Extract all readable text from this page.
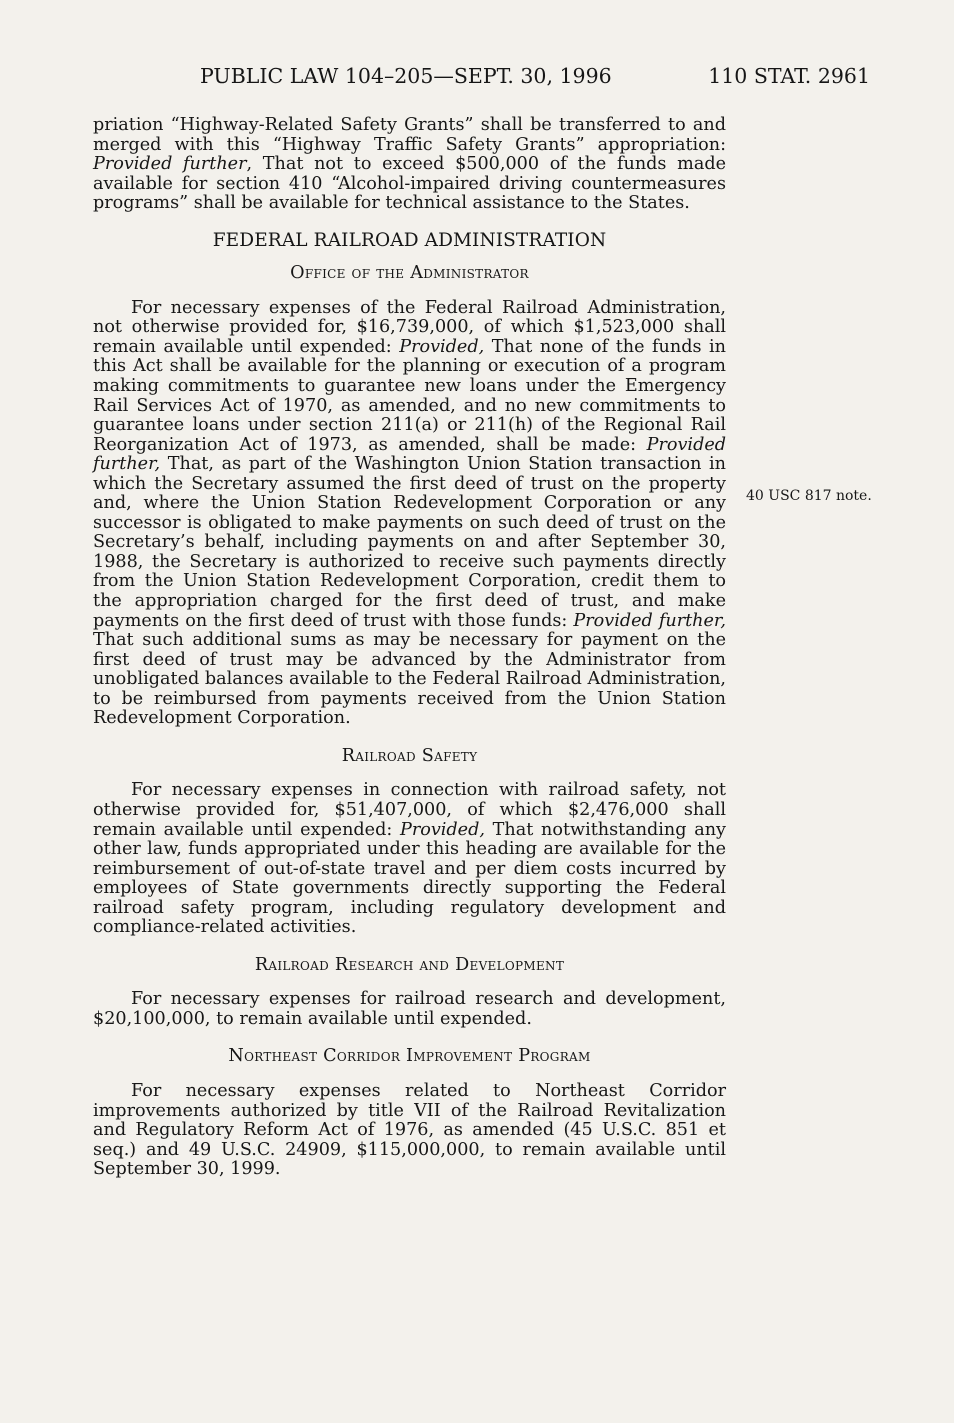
PUBLIC LAW 104–205—SEPT. 30, 1996	110 STAT. 2961

priation “Highway-Related Safety Grants” shall be transferred to and merged with this “Highway Traffic Safety Grants” appropriation: Provided further, That not to exceed $500,000 of the funds made available for section 410 “Alcohol-impaired driving countermeasures programs” shall be available for technical assistance to the States.

FEDERAL RAILROAD ADMINISTRATION
Office of the Administrator

For necessary expenses of the Federal Railroad Administration, not otherwise provided for, $16,739,000, of which $1,523,000 shall remain available until expended: Provided, That none of the funds in this Act shall be available for the planning or execution of a program making commitments to guarantee new loans under the Emergency Rail Services Act of 1970, as amended, and no new commitments to guarantee loans under section 211(a) or 211(h) of the Regional Rail Reorganization Act of 1973, as amended, shall be made: Provided further, That, as part of the Washington Union Station transaction in which the Secretary assumed the first deed of trust on the property and, where the Union Station Redevelopment Corporation or any successor is obligated to make payments on such deed of trust on the Secretary’s behalf, including payments on and after September 30, 1988, the Secretary is authorized to receive such payments directly from the Union Station Redevelopment Corporation, credit them to the appropriation charged for the first deed of trust, and make payments on the first deed of trust with those funds: Provided further, That such additional sums as may be necessary for payment on the first deed of trust may be advanced by the Administrator from unobligated balances available to the Federal Railroad Administration, to be reimbursed from payments received from the Union Station Redevelopment Corporation.

Railroad Safety

For necessary expenses in connection with railroad safety, not otherwise provided for, $51,407,000, of which $2,476,000 shall remain available until expended: Provided, That notwithstanding any other law, funds appropriated under this heading are available for the reimbursement of out-of-state travel and per diem costs incurred by employees of State governments directly supporting the Federal railroad safety program, including regulatory development and compliance-related activities.

Railroad Research and Development

For necessary expenses for railroad research and development, $20,100,000, to remain available until expended.

Northeast Corridor Improvement Program

For necessary expenses related to Northeast Corridor improvements authorized by title VII of the Railroad Revitalization and Regulatory Reform Act of 1976, as amended (45 U.S.C. 851 et seq.) and 49 U.S.C. 24909, $115,000,000, to remain available until September 30, 1999.

40 USC 817 note.
